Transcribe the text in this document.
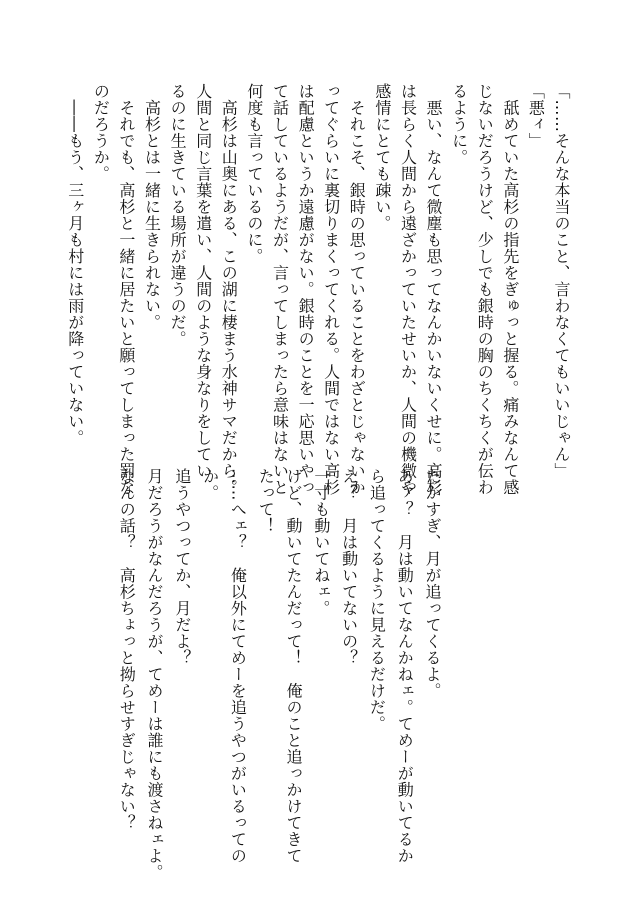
「……そんな本当のこと、言わなくてもいいじゃん」
「悪ィ」
　舐めていた高杉の指先をぎゅっと握る。痛みなんて感
じないだろうけど、少しでも銀時の胸のちくちくが伝わ
るように。
　悪い、なんて微塵も思ってなんかいないくせに。高杉
は長らく人間から遠ざかっていたせいか、人間の機微や
感情にとても疎い。
　それこそ、銀時の思っていることをわざとじゃないか
ってぐらいに裏切りまくってくれる。人間ではない高杉
は配慮というか遠慮がない。銀時のことを一応思いやっ
て話しているようだが、言ってしまったら意味はないと
何度も言っているのに。
　高杉は山奥にある、この湖に棲まう水神サマだから。
人間と同じ言葉を遣い、人間のような身なりをしてい
るのに生きている場所が違うのだ。
　高杉とは一緒に生きられない。
　それでも、高杉と一緒に居たいと願ってしまった罰な
のだろうか。
　――もう、三ヶ月も村には雨が降っていない。
たかすぎ、月が追ってくるよ。
あァ？　月は動いてなんかねェ。てめーが動いてるか
ら追ってくるように見えるだけだ。
え？　月は動いてないの？
一寸も動いてねェ。
けど、動いてたんだって！　俺のこと追っかけてきて
たって！
……へェ？　俺以外にてめーを追うやつがいるっての
か。
追うやつってか、月だよ？
月だろうがなんだろうが、てめーは誰にも渡さねェよ。
なんの話？　高杉ちょっと拗らせすぎじゃない？
